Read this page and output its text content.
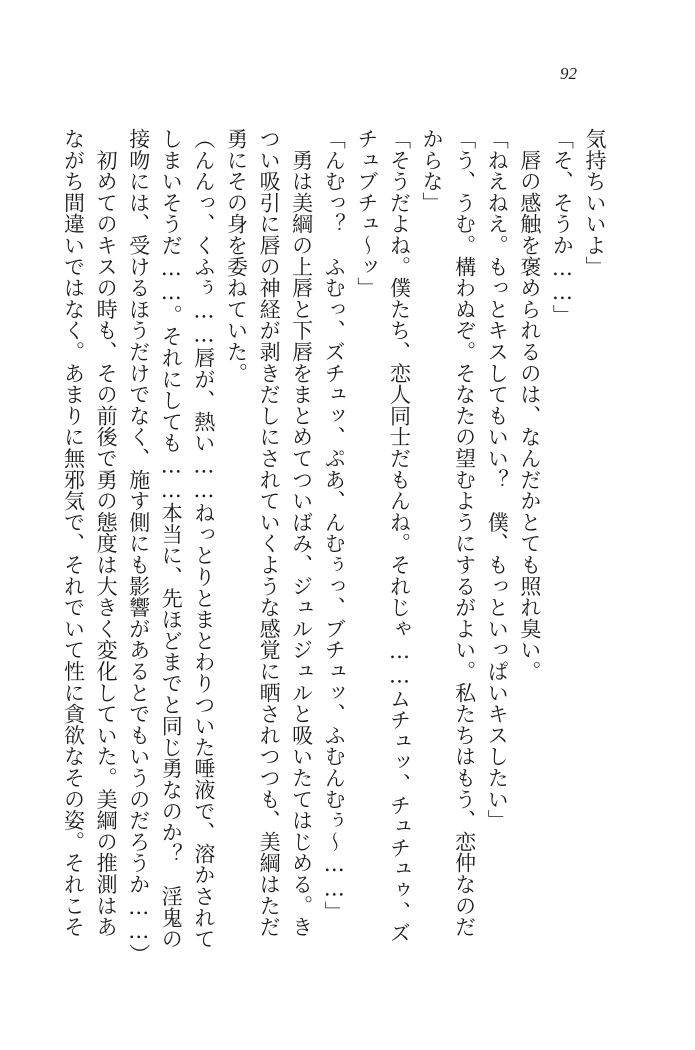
92

気持ちいいよ」

「そ、そうか……」

　唇の感触を褒められるのは、なんだかとても照れ臭い。

「ねえねえ。もっとキスしてもいい？　僕、もっといっぱいキスしたい」

「う、うむ。構わぬぞ。そなたの望むようにするがよい。私たちはもう、恋仲なのだ

からな」

「そうだよね。僕たち、恋人同士だもんね。それじゃ……ムチュッ、チュチュゥ、ズ

チュブチュ～ッ」

「んむっ？　ふむっ、ズチュッ、ぷあ、んむぅっ、ブチュッ、ふむんむぅ～……」

　勇は美綱の上唇と下唇をまとめてついばみ、ジュルジュルと吸いたてはじめる。き

つい吸引に唇の神経が剥きだしにされていくような感覚に晒されつつも、美綱はただ

勇にその身を委ねていた。

（んんっ、くふぅ……唇が、熱い……ねっとりとまとわりついた唾液で、溶かされて

しまいそうだ……。それにしても……本当に、先ほどまでと同じ勇なのか？　淫鬼の

接吻には、受けるほうだけでなく、施す側にも影響があるとでもいうのだろうか……）

　初めてのキスの時も、その前後で勇の態度は大きく変化していた。美綱の推測はあ

ながち間違いではなく。あまりに無邪気で、それでいて性に貪欲なその姿。それこそ
